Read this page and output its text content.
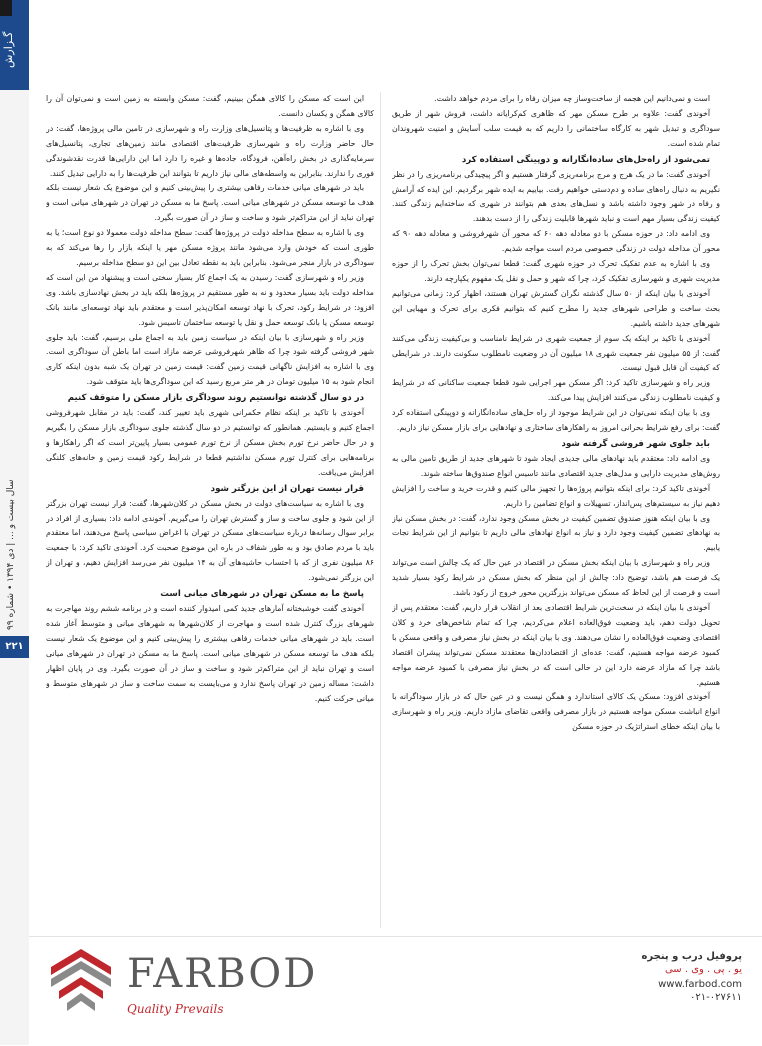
گـزارش
سال بیست و ... | دی ۱۳۹۴ • شماره ۹۹
۲۲۱

است و نمی‌دانیم این هجمه از ساخت‌وساز چه میزان رفاه را برای مردم خواهد داشت.

آخوندی گفت: علاوه بر طرح مسکن مهر که ظاهری کم‌کرایانه داشت، فروش شهر از طریق سوداگری و تبدیل شهر به کارگاه ساختمانی را داریم که به قیمت سلب آسایش و امنیت شهروندان تمام شده است.

تمی‌شود از راه‌حل‌های ساده‌انگارانه و دوپینگی استفاده کرد

آخوندی گفت: ما در یک هرج و مرج برنامه‌ریزی گرفتار هستیم و اگر پیچیدگی برنامه‌ریزی را در نظر نگیریم به دنبال راه‌های ساده و دم‌دستی خواهیم رفت. بیاییم به ایده شهر برگردیم. این ایده که آرامش و رفاه در شهر وجود داشته باشد و نسل‌های بعدی هم بتوانند در شهری که ساخته‌ایم زندگی کنند. کیفیت زندگی بسیار مهم است و نباید شهرها قابلیت زندگی را از دست بدهند.

وی ادامه داد: در حوزه مسکن با دو معادله دهه ۶۰ که محور آن شهرفروشی و معادله دهه ۹۰ که محور آن مداخله دولت در زندگی خصوصی مردم است مواجه شدیم.

وی با اشاره به عدم تفکیک تحرک در حوزه شهری گفت: قطعا نمی‌توان بخش تحرک را از حوزه مدیریت شهری و شهرسازی تفکیک کرد، چرا که شهر و حمل و نقل یک مفهوم یکپارچه دارند.

آخوندی با بیان اینکه از ۵۰ سال گذشته نگران گسترش تهران هستند، اظهار کرد: زمانی می‌توانیم بحث ساخت و طراحی شهرهای جدید را مطرح کنیم که بتوانیم فکری برای تحرک و مهیایی این شهرهای جدید داشته باشیم.

آخوندی با تاکید بر اینکه یک سوم از جمعیت شهری در شرایط نامناسب و بی‌کیفیت زندگی می‌کنند گفت: از ۵۵ میلیون نفر جمعیت شهری ۱۸ میلیون آن در وضعیت نامطلوب سکونت دارند. در شرایطی که کیفیت آن قابل قبول نیست.

وزیر راه و شهرسازی تاکید کرد: اگر مسکن مهر اجرایی شود قطعا جمعیت ساکنانی که در شرایط و کیفیت نامطلوب زندگی می‌کنند افزایش پیدا می‌کند.

وی با بیان اینکه نمی‌توان در این شرایط موجود از راه حل‌های ساده‌انگارانه و دوپینگی استفاده کرد گفت: برای رفع شرایط بحرانی امروز به راهکارهای ساختاری و نهادهایی برای بازار مسکن نیاز داریم.

باید جلوی شهر فروشی گرفته شود

وی ادامه داد: معتقدم باید نهادهای مالی جدیدی ایجاد شود تا شهرهای جدید از طریق تامین مالی به روش‌های مدیریت دارایی و مدل‌های جدید اقتصادی مانند تاسیس انواع صندوق‌ها ساخته شوند.

آخوندی تاکید کرد: برای اینکه بتوانیم پروژه‌ها را تجهیز مالی کنیم و قدرت خرید و ساخت را افزایش دهیم نیاز به سیستم‌های پس‌انداز، تسهیلات و انواع تضامین را داریم.

وی با بیان اینکه هنوز صندوق تضمین کیفیت در بخش مسکن وجود ندارد، گفت: در بخش مسکن نیاز به نهادهای تضمین کیفیت وجود دارد و نیاز به انواع نهادهای مالی داریم تا بتوانیم از این شرایط نجات یابیم.

وزیر راه و شهرسازی با بیان اینکه بخش مسکن در اقتصاد در عین حال که یک چالش است می‌تواند یک فرصت هم باشد، توضیح داد: چالش از این منظر که بخش مسکن در شرایط رکود بسیار شدید است و فرصت از این لحاظ که مسکن می‌تواند بزرگترین محور خروج از رکود باشد.

آخوندی با بیان اینکه در سخت‌ترین شرایط اقتصادی بعد از انقلاب قرار داریم، گفت: معتقدم پس از تحویل دولت دهم، باید وضعیت فوق‌العاده اعلام می‌کردیم، چرا که تمام شاخص‌های خرد و کلان اقتصادی وضعیت فوق‌العاده را نشان می‌دهند. وی با بیان اینکه در بخش نیاز مصرفی و واقعی مسکن با کمبود عرضه مواجه هستیم، گفت: عده‌ای از اقتصاددان‌ها معتقدند مسکن نمی‌تواند پیشران اقتصاد باشد چرا که مازاد عرضه دارد این در حالی است که در بخش نیاز مصرفی با کمبود عرضه مواجه هستیم.

آخوندی افزود: مسکن یک کالای استاندارد و همگن نیست و در عین حال که در بازار سوداگرانه با انواع انباشت مسکن مواجه هستیم در بازار مصرفی واقعی تقاضای مازاد داریم. وزیر راه و شهرسازی با بیان اینکه خطای استراتژیک در حوزه مسکن

این است که مسکن را کالای همگن ببینیم، گفت: مسکن وابسته به زمین است و نمی‌توان آن را کالای همگن و یکسان دانست.

وی با اشاره به ظرفیت‌ها و پتانسیل‌های وزارت راه و شهرسازی در تامین مالی پروژه‌ها، گفت: در حال حاضر وزارت راه و شهرسازی ظرفیت‌های اقتصادی مانند زمین‌های تجاری، پتانسیل‌های سرمایه‌گذاری در بخش راه‌آهن، فرودگاه، جاده‌ها و غیره را دارد اما این دارایی‌ها قدرت نقدشوندگی فوری را ندارند. بنابراین به واسطه‌های مالی نیاز داریم تا بتوانند این ظرفیت‌ها را به دارایی تبدیل کنند.

باید در شهرهای میانی خدمات رفاهی بیشتری را پیش‌بینی کنیم و این موضوع یک شعار نیست بلکه هدف ما توسعه مسکن در شهرهای میانی است. پاسخ ما به مسکن در تهران در شهرهای میانی است و تهران نباید از این متراکم‌تر شود و ساخت و ساز در آن صورت بگیرد.

وی با اشاره به سطح مداخله دولت در پروژه‌ها گفت: سطح مداخله دولت معمولا دو نوع است؛ یا به طوری است که خودش وارد می‌شود مانند پروژه مسکن مهر یا اینکه بازار را رها می‌کند که به سوداگری در بازار منجر می‌شود. بنابراین باید به نقطه تعادل بین این دو سطح مداخله برسیم.

وزیر راه و شهرسازی گفت: رسیدن به یک اجماع کار بسیار سختی است و پیشنهاد من این است که مداخله دولت باید بسیار محدود و نه به طور مستقیم در پروژه‌ها بلکه باید در بخش نهادسازی باشد. وی افزود: در شرایط رکود، تحرک با نهاد توسعه امکان‌پذیر است و معتقدم باید نهاد توسعه‌ای مانند بانک توسعه مسکن یا بانک توسعه حمل و نقل یا توسعه ساختمان تاسیس شود.

وزیر راه و شهرسازی با بیان اینکه در سیاست زمین باید به اجماع ملی برسیم، گفت: باید جلوی شهر فروشی گرفته شود چرا که ظاهر شهرفروشی عرضه مازاد است اما باطن آن سوداگری است. وی با اشاره به افزایش ناگهانی قیمت زمین گفت: قیمت زمین در تهران یک شبه بدون اینکه کاری انجام شود به ۱۵ میلیون تومان در هر متر مربع رسید که این سوداگری‌ها باید متوقف شود.

در دو سال گذشته توانستیم روند سوداگری بازار مسکن را متوقف کنیم

آخوندی با تاکید بر اینکه نظام حکمرانی شهری باید تغییر کند، گفت: باید در مقابل شهرفروشی اجماع کنیم و بایستیم. همانطور که توانستیم در دو سال گذشته جلوی سوداگری بازار مسکن را بگیریم و در حال حاضر نرخ تورم بخش مسکن از نرخ تورم عمومی بسیار پایین‌تر است که اگر راهکارها و برنامه‌هایی برای کنترل تورم مسکن نداشتیم قطعا در شرایط رکود قیمت زمین و خانه‌های کلنگی افزایش می‌یافت.

قرار نیست تهران از این بزرگتر شود

وی با اشاره به سیاست‌های دولت در بخش مسکن در کلان‌شهرها، گفت: قرار نیست تهران بزرگتر از این شود و جلوی ساخت و ساز و گسترش تهران را می‌گیریم. آخوندی ادامه داد: بسیاری از افراد در برابر سوال رسانه‌ها درباره سیاست‌های مسکن در تهران با اغراض سیاسی پاسخ می‌دهند، اما معتقدم باید با مردم صادق بود و به طور شفاف در باره این موضوع صحبت کرد. آخوندی تاکید کرد: با جمعیت ۸۶ میلیون نفری از که با احتساب حاشیه‌های آن به ۱۴ میلیون نفر می‌رسد افزایش دهیم، و تهران از این بزرگتر نمی‌شود.

پاسخ ما به مسکن تهران در شهرهای میانی است

آخوندی گفت خوشبختانه آمارهای جدید کمی امیدوار کننده است و در برنامه ششم روند مهاجرت به شهرهای بزرگ کنترل شده است و مهاجرت از کلان‌شهرها به شهرهای میانی و متوسط آغاز شده است. باید در شهرهای میانی خدمات رفاهی بیشتری را پیش‌بینی کنیم و این موضوع یک شعار نیست بلکه هدف ما توسعه مسکن در شهرهای میانی است. پاسخ ما به مسکن در تهران در شهرهای میانی است و تهران نباید از این متراکم‌تر شود و ساخت و ساز در آن صورت بگیرد. وی در پایان اظهار داشت: مساله زمین در تهران پاسخ ندارد و می‌بایست به سمت ساخت و ساز در شهرهای متوسط و میانی حرکت کنیم.

FARBOD
Quality Prevails
پروفیل درب و پنجره
یو . پی . وی . سی
www.farbod.com
۰۲۱-۰۲۷۶۱۱
